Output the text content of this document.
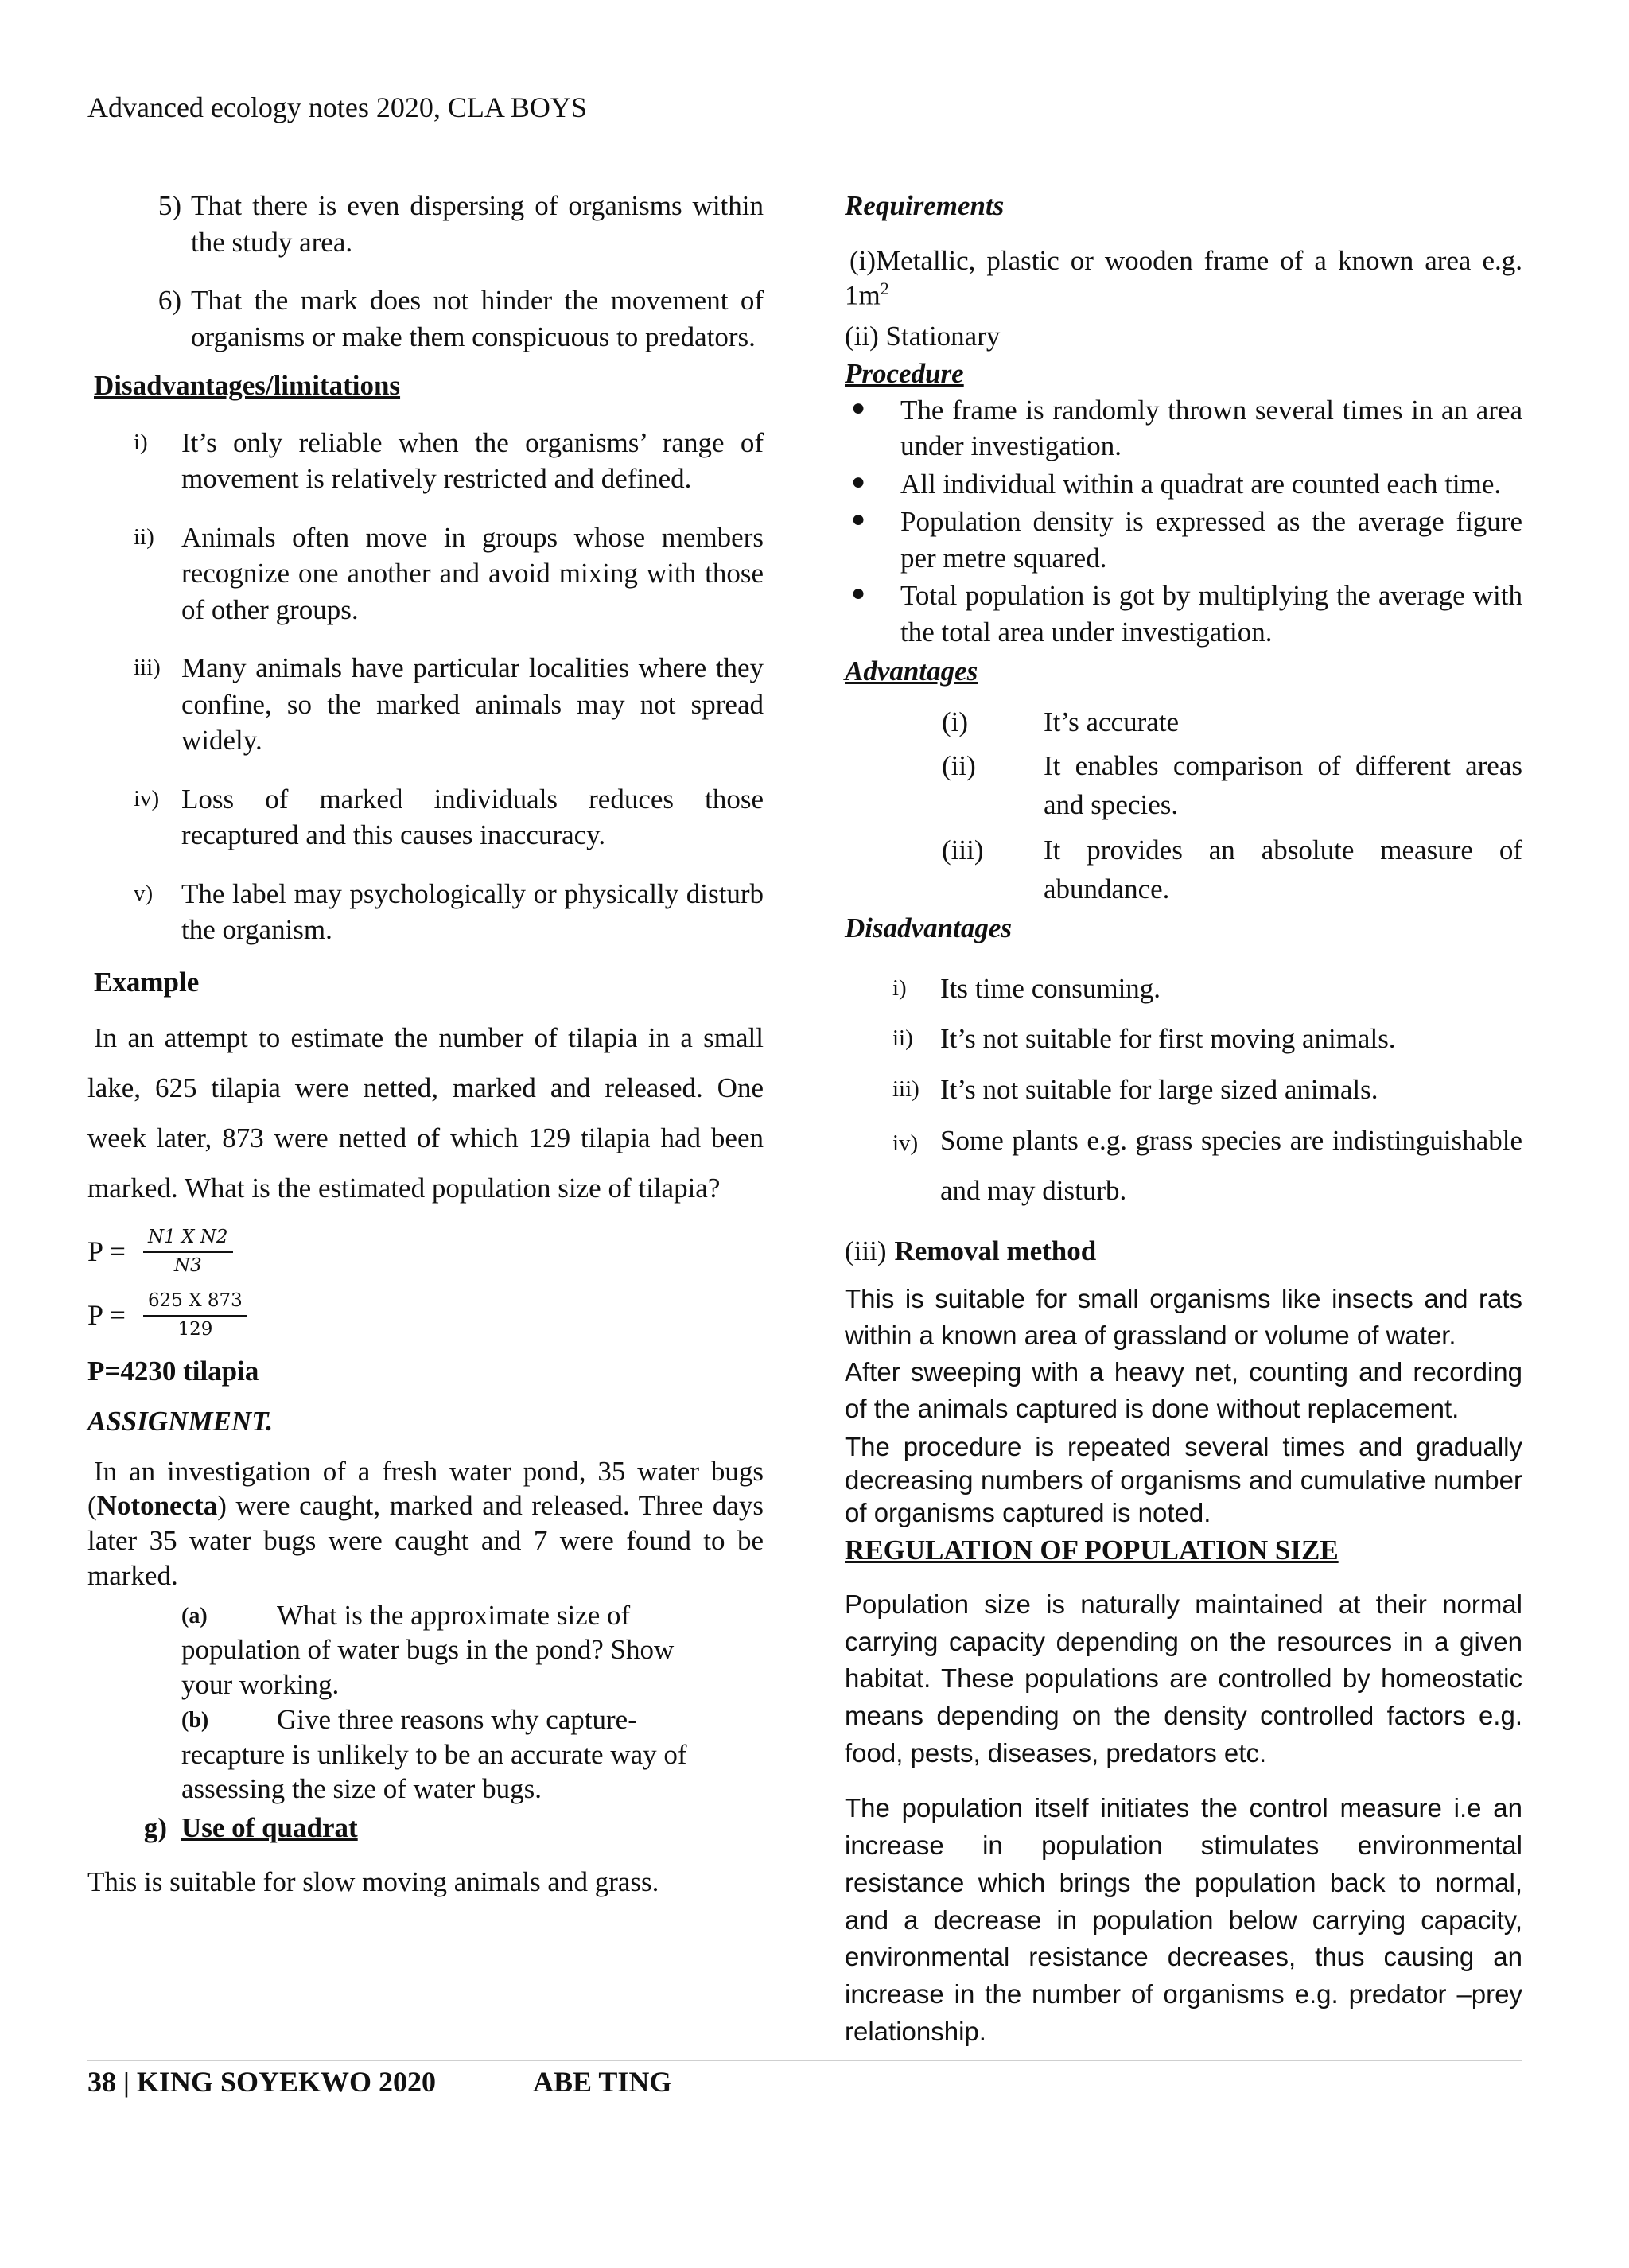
Advanced ecology notes 2020, CLA BOYS
5) That there is even dispersing of organisms within the study area.
6) That the mark does not hinder the movement of organisms or make them conspicuous to predators.

Disadvantages/limitations

i)	It’s only reliable when the organisms’ range of movement is relatively restricted and defined.
ii) Animals often move in groups whose members recognize one another and avoid mixing with those of other groups.
iii) Many animals have particular localities where they confine, so the marked animals may not spread widely.
iv) Loss of marked individuals reduces those recaptured and this causes inaccuracy.
v)	The label may psychologically or physically disturb the organism.

Example

In an attempt to estimate the number of tilapia in a small lake, 625 tilapia were netted, marked and released. One week later, 873 were netted of which 129 tilapia had been marked. What is the estimated population size of tilapia?

$P = \frac{\text{N1 X N2}}{N3}$
$P = \frac{625 X 873}{129}$

P=4230 tilapia

ASSIGNMENT.

In an investigation of a fresh water pond, 35 water bugs (Notonecta) were caught, marked and released. Three days later 35 water bugs were caught and 7 were found to be marked.

(a)	What is the approximate size of
population of water bugs in the pond? Show your working.
(b)	Give three reasons why capture-
recapture is unlikely to be an accurate way of assessing the size of water bugs.
g) Use of quadrat

This is suitable for slow moving animals and grass.

Requirements

(i)Metallic, plastic or wooden frame of a known area e.g. $1m^2$

(ii) Stationary

Procedure

●	The frame is randomly thrown several times in an area under investigation.
●	All individual within a quadrat are counted each time.
●	Population density is expressed as the average figure per metre squared.
●	Total population is got by multiplying the average with the total area under investigation.

Advantages

(i)	It’s accurate
(ii)	It enables comparison of different areas and species.
(iii)	It provides an absolute measure of abundance.

Disadvantages

i)	Its time consuming.
ii) It’s not suitable for first moving animals.
iii) It’s not suitable for large sized animals.
iv) Some plants e.g. grass species are indistinguishable and may disturb.
(iii) Removal method

This is suitable for small organisms like insects and rats within a known area of grassland or volume of water.

After sweeping with a heavy net, counting and recording of the animals captured is done without replacement.

The procedure is repeated several times and gradually decreasing numbers of organisms and cumulative number of organisms captured is noted.

REGULATION OF POPULATION SIZE

Population size is naturally maintained at their normal carrying capacity depending on the resources in a given habitat. These populations are controlled by homeostatic means depending on the density controlled factors e.g. food, pests, diseases, predators etc.

The population itself initiates the control measure i.e an increase in population stimulates environmental resistance which brings the population back to normal, and a decrease in population below carrying capacity, environmental resistance decreases, thus causing an increase in the number of organisms e.g. predator –prey relationship.

38 | KING SOYEKWO 2020	ABE TING
